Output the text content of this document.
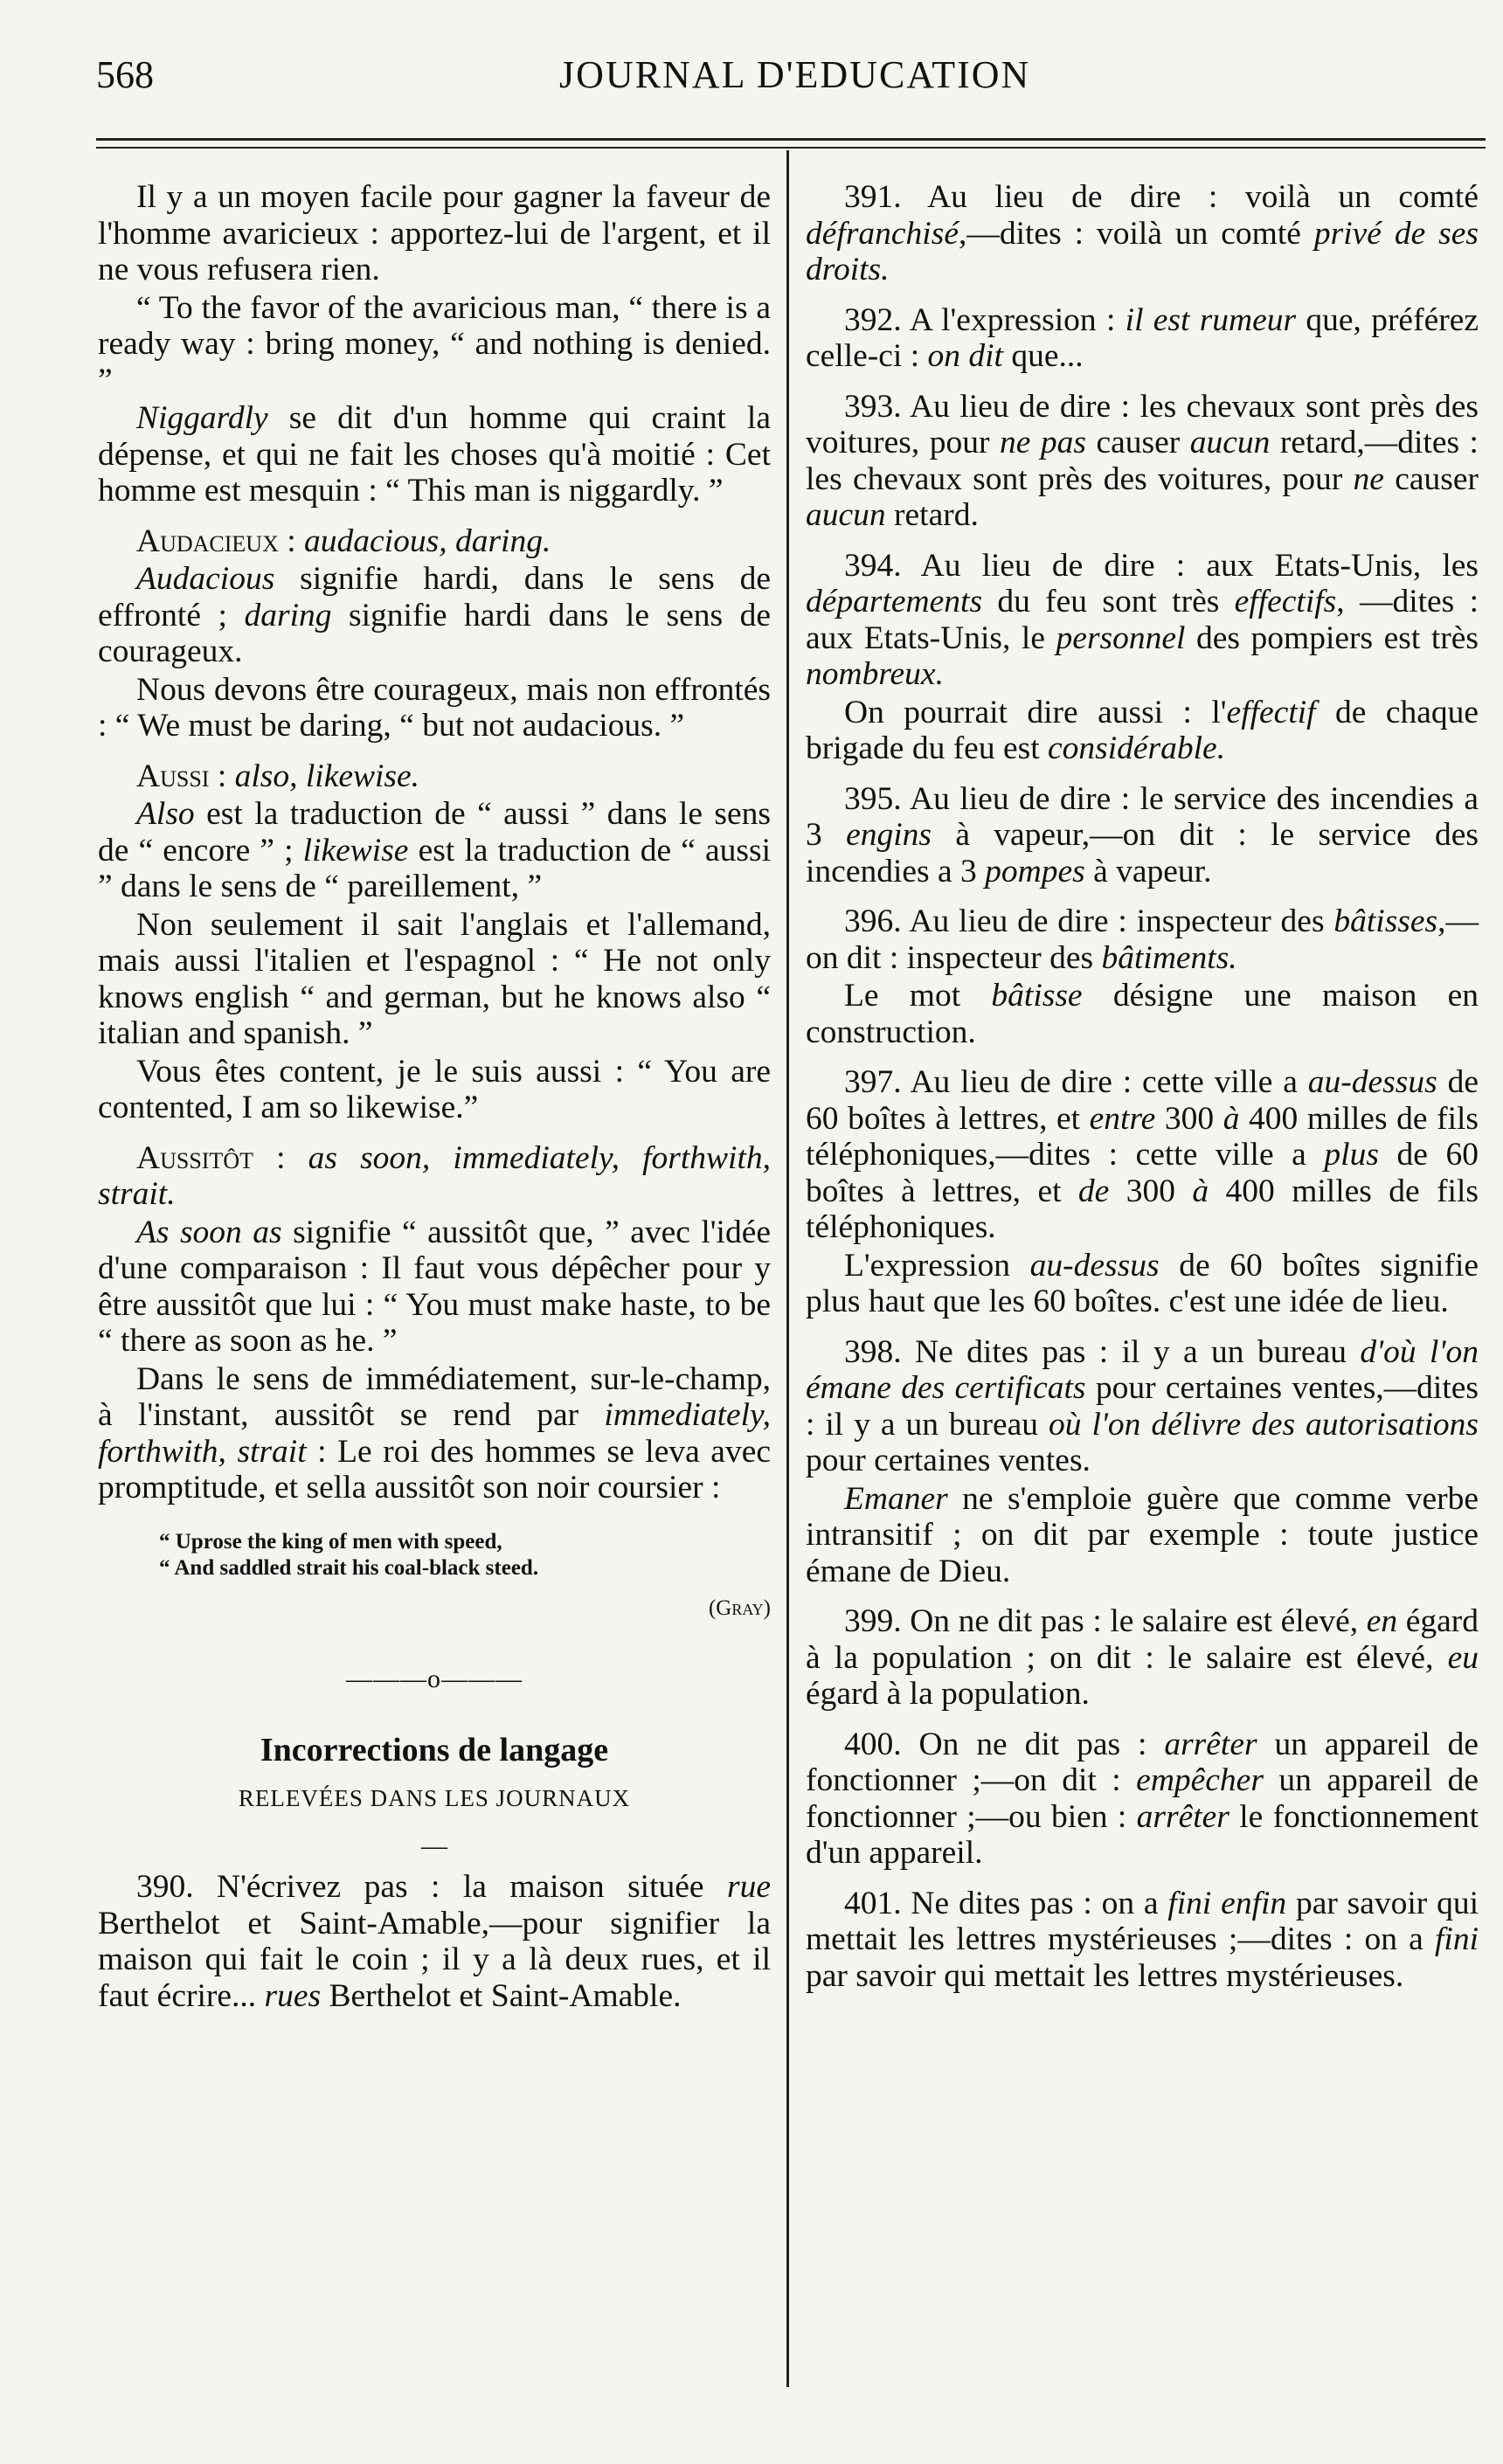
568	JOURNAL D'EDUCATION

Il y a un moyen facile pour gagner la faveur de l'homme avaricieux : apportez-lui de l'argent, et il ne vous refusera rien.

“ To the favor of the avaricious man, “ there is a ready way : bring money, “ and nothing is denied. ”

Niggardly se dit d'un homme qui craint la dépense, et qui ne fait les choses qu'à moitié : Cet homme est mesquin : “ This man is niggardly. ”

Audacieux : audacious, daring.

Audacious signifie hardi, dans le sens de effronté ; daring signifie hardi dans le sens de courageux.

Nous devons être courageux, mais non effrontés : “ We must be daring, “ but not audacious. ”

Aussi : also, likewise.

Also est la traduction de “ aussi ” dans le sens de “ encore ” ; likewise est la traduction de “ aussi ” dans le sens de “ pareillement, ”

Non seulement il sait l'anglais et l'allemand, mais aussi l'italien et l'espagnol : “ He not only knows english “ and german, but he knows also “ italian and spanish. ”

Vous êtes content, je le suis aussi : “ You are contented, I am so likewise.”

Aussitôt : as soon, immediately, forthwith, strait.

As soon as signifie “ aussitôt que, ” avec l'idée d'une comparaison : Il faut vous dépêcher pour y être aussitôt que lui : “ You must make haste, to be “ there as soon as he. ”

Dans le sens de immédiatement, sur-le-champ, à l'instant, aussitôt se rend par immediately, forthwith, strait : Le roi des hommes se leva avec promptitude, et sella aussitôt son noir coursier :

“ Uprose the king of men with speed,
“ And saddled strait his coal-black steed.
(Gray)
———o———
Incorrections de langage
RELEVÉES DANS LES JOURNAUX
—

390. N'écrivez pas : la maison située rue Berthelot et Saint-Amable,—pour signifier la maison qui fait le coin ; il y a là deux rues, et il faut écrire... rues Berthelot et Saint-Amable.

391. Au lieu de dire : voilà un comté défranchisé,—dites : voilà un comté privé de ses droits.

392. A l'expression : il est rumeur que, préférez celle-ci : on dit que...

393. Au lieu de dire : les chevaux sont près des voitures, pour ne pas causer aucun retard,—dites : les chevaux sont près des voitures, pour ne causer aucun retard.

394. Au lieu de dire : aux Etats-Unis, les départements du feu sont très effectifs, —dites : aux Etats-Unis, le personnel des pompiers est très nombreux.

On pourrait dire aussi : l'effectif de chaque brigade du feu est considérable.

395. Au lieu de dire : le service des incendies a 3 engins à vapeur,—on dit : le service des incendies a 3 pompes à vapeur.

396. Au lieu de dire : inspecteur des bâtisses,—on dit : inspecteur des bâtiments.

Le mot bâtisse désigne une maison en construction.

397. Au lieu de dire : cette ville a au-dessus de 60 boîtes à lettres, et entre 300 à 400 milles de fils téléphoniques,—dites : cette ville a plus de 60 boîtes à lettres, et de 300 à 400 milles de fils téléphoniques.

L'expression au-dessus de 60 boîtes signifie plus haut que les 60 boîtes. c'est une idée de lieu.

398. Ne dites pas : il y a un bureau d'où l'on émane des certificats pour certaines ventes,—dites : il y a un bureau où l'on délivre des autorisations pour certaines ventes.

Emaner ne s'emploie guère que comme verbe intransitif ; on dit par exemple : toute justice émane de Dieu.

399. On ne dit pas : le salaire est élevé, en égard à la population ; on dit : le salaire est élevé, eu égard à la population.

400. On ne dit pas : arrêter un appareil de fonctionner ;—on dit : empêcher un appareil de fonctionner ;—ou bien : arrêter le fonctionnement d'un appareil.

401. Ne dites pas : on a fini enfin par savoir qui mettait les lettres mystérieuses ;—dites : on a fini par savoir qui mettait les lettres mystérieuses.
